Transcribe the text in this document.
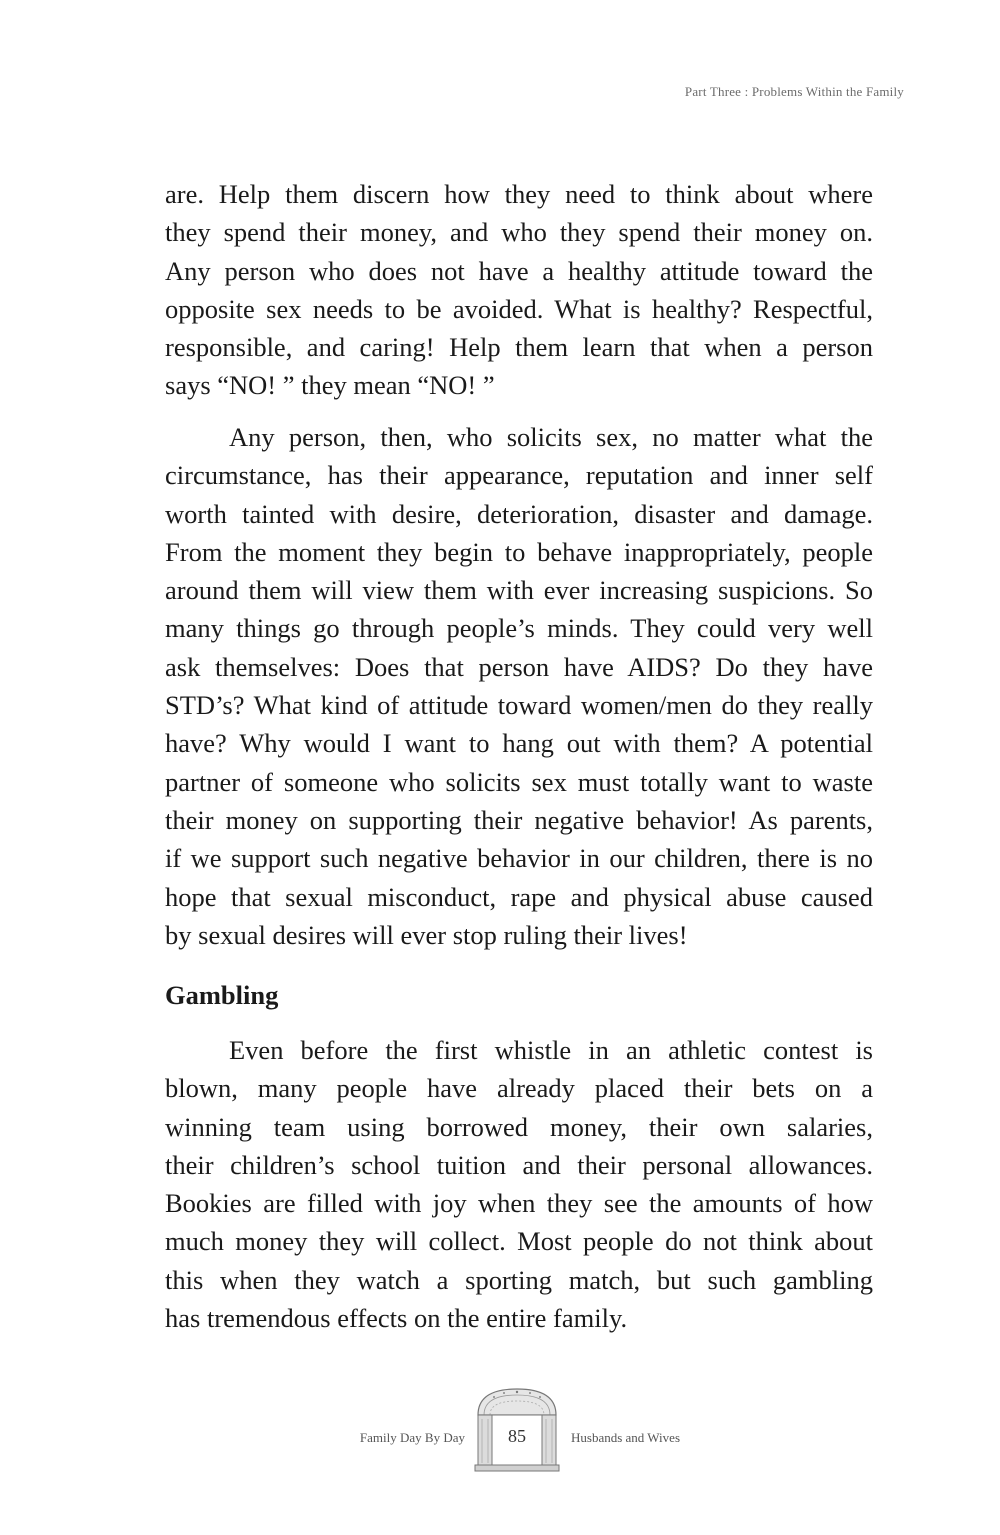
Part Three : Problems Within the Family
are. Help them discern how they need to think about where
they spend their money, and who they spend their money on.
Any person who does not have a healthy attitude toward the
opposite sex needs to be avoided. What is healthy? Respectful,
responsible, and caring! Help them learn that when a person
says “NO! ” they mean “NO! ”
Any person, then, who solicits sex, no matter what the
circumstance, has their appearance, reputation and inner self
worth tainted with desire, deterioration, disaster and damage.
From the moment they begin to behave inappropriately, people
around them will view them with ever increasing suspicions. So
many things go through people’s minds. They could very well
ask themselves: Does that person have AIDS? Do they have
STD’s? What kind of attitude toward women/men do they really
have? Why would I want to hang out with them? A potential
partner of someone who solicits sex must totally want to waste
their money on supporting their negative behavior! As parents,
if we support such negative behavior in our children, there is no
hope that sexual misconduct, rape and physical abuse caused
by sexual desires will ever stop ruling their lives!
Gambling
Even before the first whistle in an athletic contest is
blown, many people have already placed their bets on a
winning team using borrowed money, their own salaries,
their children’s school tuition and their personal allowances.
Bookies are filled with joy when they see the amounts of how
much money they will collect. Most people do not think about
this when they watch a sporting match, but such gambling
has tremendous effects on the entire family.
Family Day By Day	85	Husbands and Wives
